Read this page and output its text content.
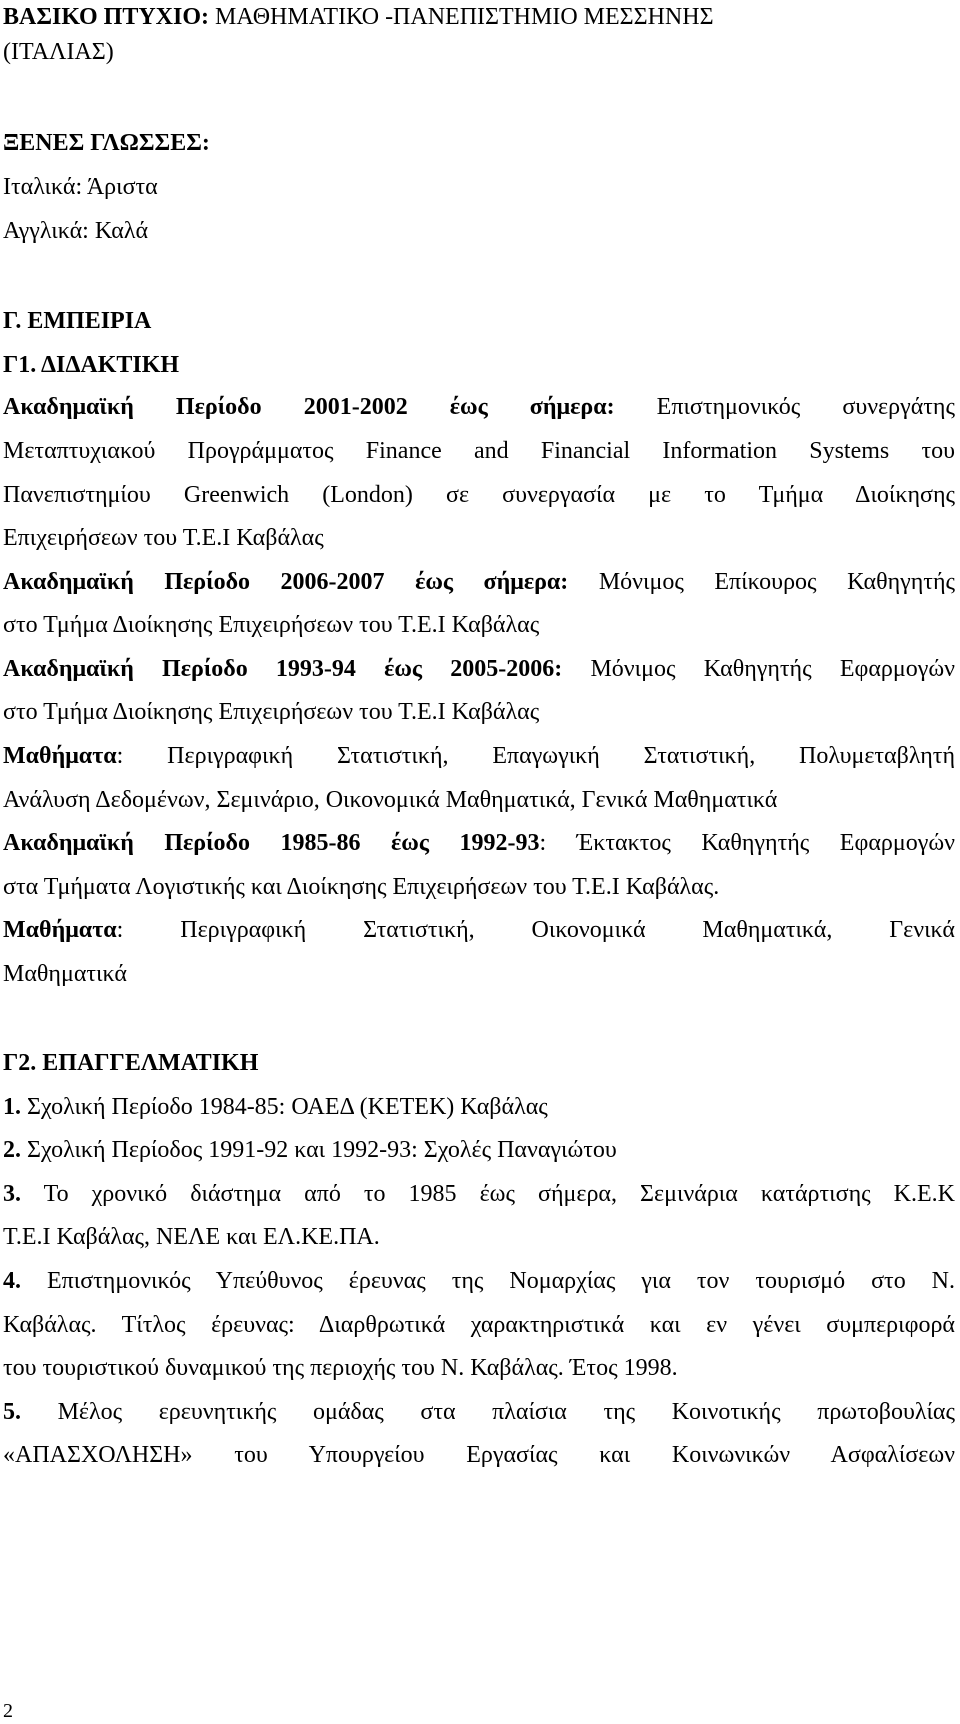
ΒΑΣΙΚΟ ΠΤΥΧΙΟ: ΜΑΘΗΜΑΤΙΚΟ -ΠΑΝΕΠΙΣΤΗΜΙΟ ΜΕΣΣΗΝΗΣ
(ΙΤΑΛΙΑΣ)
ΞΕΝΕΣ ΓΛΩΣΣΕΣ:
Ιταλικά: Άριστα
Αγγλικά: Καλά
Γ. ΕΜΠΕΙΡΙΑ
Γ1. ΔΙΔΑΚΤΙΚΗ
Ακαδημαϊκή Περίοδο 2001-2002 έως σήμερα: Επιστημονικός συνεργάτης
Μεταπτυχιακού Προγράμματος Finance and Financial Information Systems του
Πανεπιστημίου Greenwich (London) σε συνεργασία με το Τμήμα Διοίκησης
Επιχειρήσεων του Τ.Ε.Ι Καβάλας
Ακαδημαϊκή Περίοδο 2006-2007 έως σήμερα: Μόνιμος Επίκουρος Καθηγητής
στο Τμήμα Διοίκησης Επιχειρήσεων του Τ.Ε.Ι Καβάλας
Ακαδημαϊκή Περίοδο 1993-94 έως 2005-2006: Μόνιμος Καθηγητής Εφαρμογών
στο Τμήμα Διοίκησης Επιχειρήσεων του Τ.Ε.Ι Καβάλας
Μαθήματα: Περιγραφική Στατιστική, Επαγωγική Στατιστική, Πολυμεταβλητή
Ανάλυση Δεδομένων, Σεμινάριο, Οικονομικά Μαθηματικά, Γενικά Μαθηματικά
Ακαδημαϊκή Περίοδο 1985-86 έως 1992-93: Έκτακτος Καθηγητής Εφαρμογών
στα Τμήματα Λογιστικής και Διοίκησης Επιχειρήσεων του Τ.Ε.Ι Καβάλας.
Μαθήματα: Περιγραφική Στατιστική, Οικονομικά Μαθηματικά, Γενικά
Μαθηματικά
Γ2. ΕΠΑΓΓΕΛΜΑΤΙΚΗ
1. Σχολική Περίοδο 1984-85: ΟΑΕΔ (ΚΕΤΕΚ) Καβάλας
2. Σχολική Περίοδος 1991-92 και 1992-93: Σχολές Παναγιώτου
3. Το χρονικό διάστημα από το 1985 έως σήμερα, Σεμινάρια κατάρτισης Κ.Ε.Κ
Τ.Ε.Ι Καβάλας, ΝΕΛΕ και ΕΛ.ΚΕ.ΠΑ.
4. Επιστημονικός Υπεύθυνος έρευνας της Νομαρχίας για τον τουρισμό στο Ν.
Καβάλας. Τίτλος έρευνας: Διαρθρωτικά χαρακτηριστικά και εν γένει συμπεριφορά
του τουριστικού δυναμικού της περιοχής του Ν. Καβάλας. Έτος 1998.
5. Μέλος ερευνητικής ομάδας στα πλαίσια της Κοινοτικής πρωτοβουλίας
«ΑΠΑΣΧΟΛΗΣΗ» του Υπουργείου Εργασίας και Κοινωνικών Ασφαλίσεων
2
